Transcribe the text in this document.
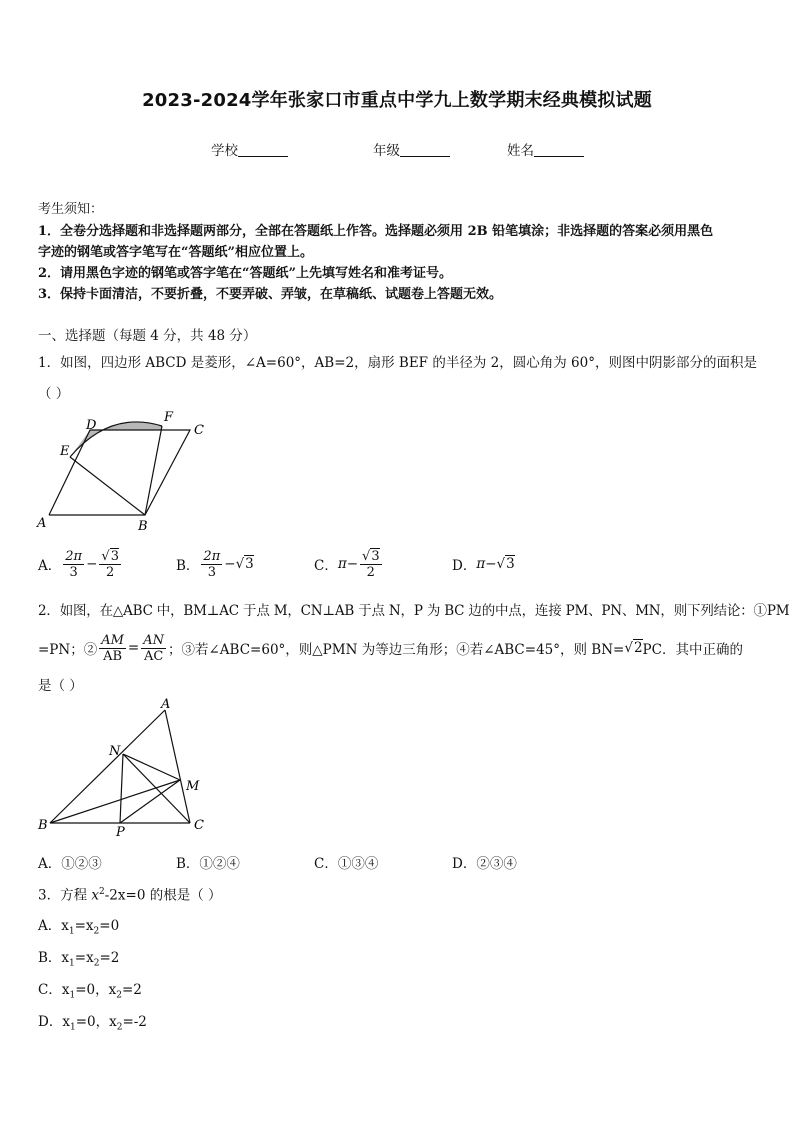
2023-2024学年张家口市重点中学九上数学期末经典模拟试题
学校	年级	姓名
考生须知：
1．全卷分选择题和非选择题两部分，全部在答题纸上作答。选择题必须用 2B 铅笔填涂；非选择题的答案必须用黑色
字迹的钢笔或答字笔写在“答题纸”相应位置上。
2．请用黑色字迹的钢笔或答字笔在“答题纸”上先填写姓名和准考证号。
3．保持卡面清洁，不要折叠，不要弄破、弄皱，在草稿纸、试题卷上答题无效。
一、选择题（每题 4 分，共 48 分）
1．如图，四边形 ABCD 是菱形，∠A=60°，AB=2，扇形 BEF 的半径为 2，圆心角为 60°，则图中阴影部分的面积是
（ ）
D
F
C
E
A	B
A． $\frac{2\pi}{3} - \frac{√3}{2}$	B． $\frac{2\pi}{3} - √3$	C． $\pi - \frac{√3}{2}$	D． π − √3
2．如图，在△ABC 中，BM⊥AC 于点 M，CN⊥AB 于点 N，P 为 BC 边的中点，连接 PM、PN、MN，则下列结论：①PM
=PN；② $\frac{AM}{AB} = \frac{AN}{AC}$ ；③若∠ABC=60°，则△PMN 为等边三角形；④若∠ABC=45°，则 BN= √2 PC．其中正确的
是（ ）
A
N
M
B	P	C
A．①②③	B．①②④	C．①③④	D．②③④
3．方程 $x^2-2x=0$ 的根是（ ）
A．$x_1=x_2=0$
B．$x_1=x_2=2$
C．$x_1=0$，$x_2=2$
D．$x_1=0$，$x_2=-2$
